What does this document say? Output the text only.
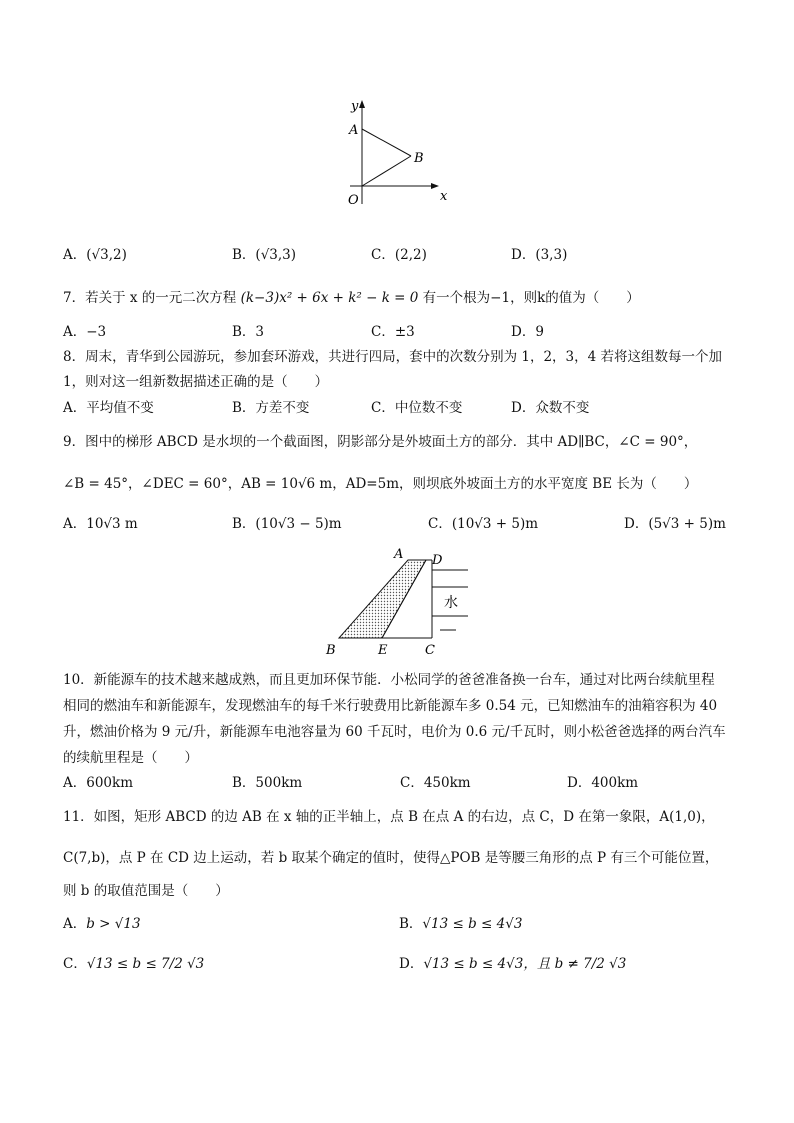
y
x
O
A
B
A．(√3,2)	B．(√3,3)	C．(2,2)	D．(3,3)
7．若关于 x 的一元二次方程 (k−3)x² + 6x + k² − k = 0 有一个根为−1，则k的值为（　　）
A．−3	B．3	C．±3	D．9
8．周末，青华到公园游玩，参加套环游戏，共进行四局，套中的次数分别为 1，2，3，4 若将这组数每一个加
1，则对这一组新数据描述正确的是（　　）
A．平均值不变	B．方差不变	C．中位数不变	D．众数不变
9．图中的梯形 ABCD 是水坝的一个截面图，阴影部分是外坡面土方的部分．其中 AD∥BC，∠C = 90°，
∠B = 45°，∠DEC = 60°，AB = 10√6 m，AD=5m，则坝底外坡面土方的水平宽度 BE 长为（　　）
A．10√3 m	B．(10√3 − 5)m	C．(10√3 + 5)m	D．(5√3 + 5)m
水
A D
B	E	C
10．新能源车的技术越来越成熟，而且更加环保节能．小松同学的爸爸准备换一台车，通过对比两台续航里程
相同的燃油车和新能源车，发现燃油车的每千米行驶费用比新能源车多 0.54 元，已知燃油车的油箱容积为 40
升，燃油价格为 9 元/升，新能源车电池容量为 60 千瓦时，电价为 0.6 元/千瓦时，则小松爸爸选择的两台汽车
的续航里程是（　　）
A．600km	B．500km	C．450km	D．400km
11．如图，矩形 ABCD 的边 AB 在 x 轴的正半轴上，点 B 在点 A 的右边，点 C，D 在第一象限，A(1,0)，
C(7,b)，点 P 在 CD 边上运动，若 b 取某个确定的值时，使得△POB 是等腰三角形的点 P 有三个可能位置，
则 b 的取值范围是（　　）
A．b > √13	B．√13 ≤ b ≤ 4√3
C．√13 ≤ b ≤ 7/2 √3	D．√13 ≤ b ≤ 4√3，且 b ≠ 7/2 √3
